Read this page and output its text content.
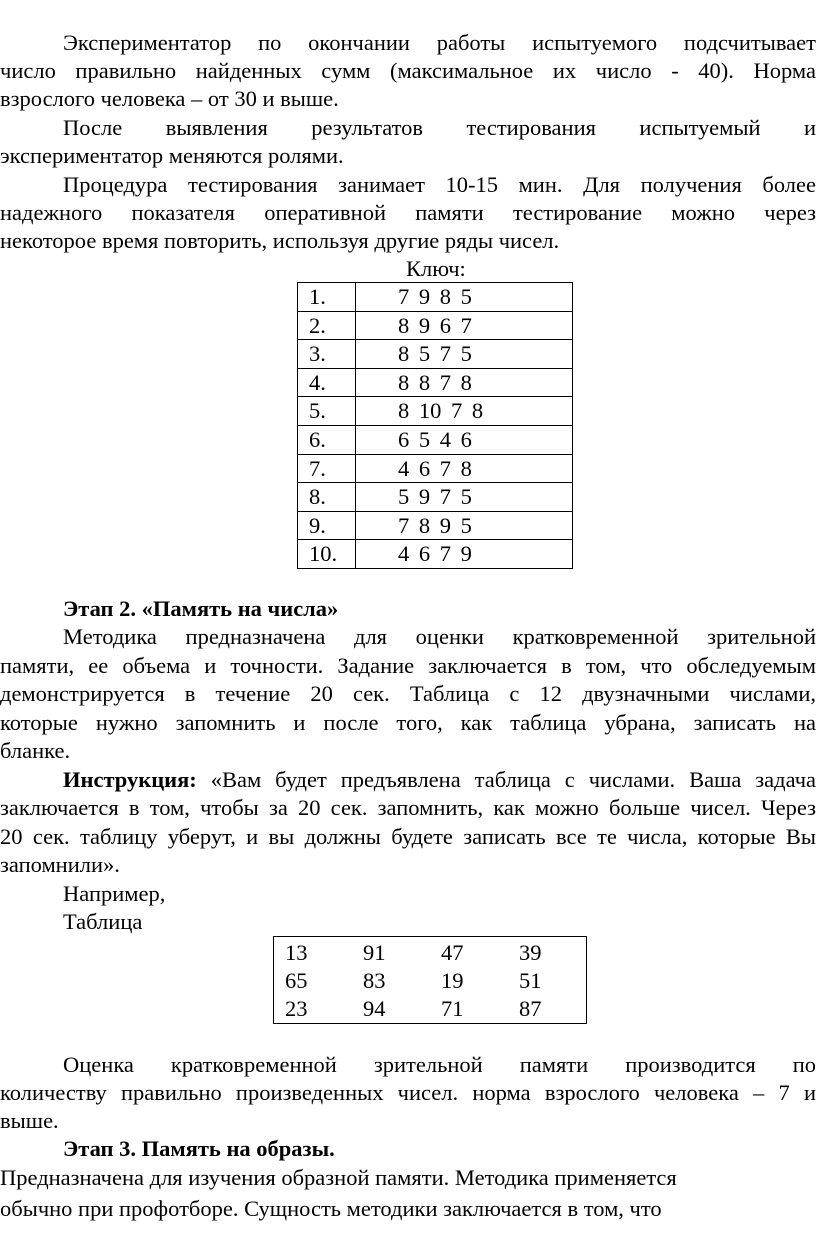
Экспериментатор по окончании работы испытуемого подсчитывает
число правильно найденных сумм (максимальное их число - 40). Норма
взрослого человека – от 30 и выше.
После выявления результатов тестирования испытуемый и
экспериментатор меняются ролями.
Процедура тестирования занимает 10-15 мин. Для получения более
надежного показателя оперативной памяти тестирование можно через
некоторое время повторить, используя другие ряды чисел.
Ключ:
1.	7 9 8 5
2.	8 9 6 7
3.	8 5 7 5
4.	8 8 7 8
5.	8 10 7 8
6.	6 5 4 6
7.	4 6 7 8
8.	5 9 7 5
9.	7 8 9 5
10.	4 6 7 9
Этап 2. «Память на числа»
Методика предназначена для оценки кратковременной зрительной
памяти, ее объема и точности. Задание заключается в том, что обследуемым
демонстрируется в течение 20 сек. Таблица с 12 двузначными числами,
которые нужно запомнить и после того, как таблица убрана, записать на
бланке.
Инструкция: «Вам будет предъявлена таблица с числами. Ваша задача
заключается в том, чтобы за 20 сек. запомнить, как можно больше чисел. Через
20 сек. таблицу уберут, и вы должны будете записать все те числа, которые Вы
запомнили».
Например,
Таблица
13	91	47	39
65	83	19	51
23	94	71	87
Оценка кратковременной зрительной памяти производится по
количеству правильно произведенных чисел. норма взрослого человека – 7 и
выше.
Этап 3. Память на образы.
Предназначена для изучения образной памяти. Методика применяется
обычно при профотборе. Сущность методики заключается в том, что
